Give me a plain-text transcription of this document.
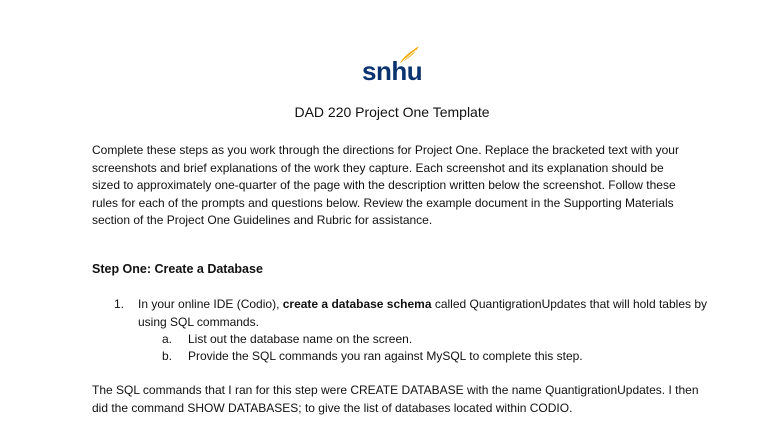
snhu
DAD 220 Project One Template

Complete these steps as you work through the directions for Project One. Replace the bracketed text with your screenshots and brief explanations of the work they capture. Each screenshot and its explanation should be sized to approximately one-quarter of the page with the description written below the screenshot. Follow these rules for each of the prompts and questions below. Review the example document in the Supporting Materials section of the Project One Guidelines and Rubric for assistance.

Step One: Create a Database

1. In your online IDE (Codio), create a database schema called QuantigrationUpdates that will hold tables by using SQL commands.
a. List out the database name on the screen.
b. Provide the SQL commands you ran against MySQL to complete this step.

The SQL commands that I ran for this step were CREATE DATABASE with the name QuantigrationUpdates. I then did the command SHOW DATABASES; to give the list of databases located within CODIO.
